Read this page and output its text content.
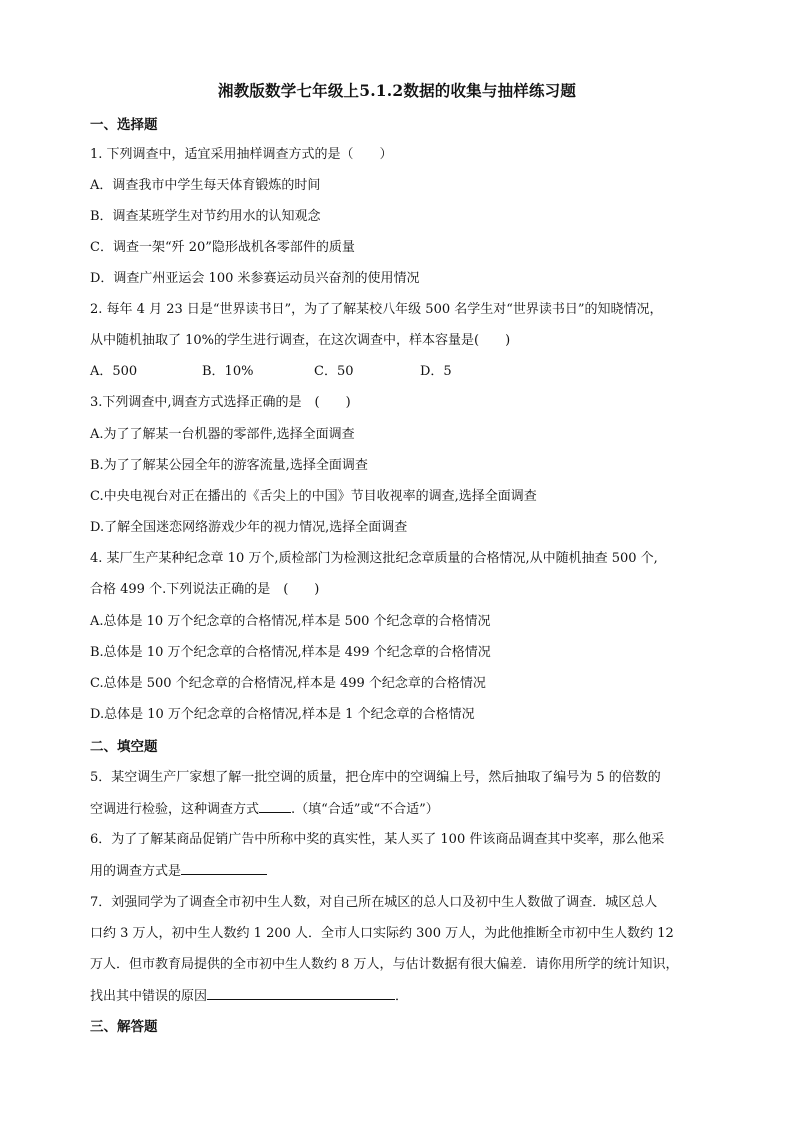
湘教版数学七年级上5.1.2数据的收集与抽样练习题
一、选择题
1. 下列调查中，适宜采用抽样调查方式的是（　　）
A．调查我市中学生每天体育锻炼的时间
B．调查某班学生对节约用水的认知观念
C．调查一架“歼 20”隐形战机各零部件的质量
D．调查广州亚运会 100 米参赛运动员兴奋剂的使用情况
2. 每年 4 月 23 日是“世界读书日”，为了了解某校八年级 500 名学生对“世界读书日”的知晓情况，
从中随机抽取了 10%的学生进行调查，在这次调查中，样本容量是(　　)
A．500	B．10%	C．50	D．5
3.下列调查中,调查方式选择正确的是　(　　)
A.为了了解某一台机器的零部件,选择全面调查
B.为了了解某公园全年的游客流量,选择全面调查
C.中央电视台对正在播出的《舌尖上的中国》节目收视率的调查,选择全面调查
D.了解全国迷恋网络游戏少年的视力情况,选择全面调查
4. 某厂生产某种纪念章 10 万个,质检部门为检测这批纪念章质量的合格情况,从中随机抽查 500 个,
合格 499 个.下列说法正确的是　(　　)
A.总体是 10 万个纪念章的合格情况,样本是 500 个纪念章的合格情况
B.总体是 10 万个纪念章的合格情况,样本是 499 个纪念章的合格情况
C.总体是 500 个纪念章的合格情况,样本是 499 个纪念章的合格情况
D.总体是 10 万个纪念章的合格情况,样本是 1 个纪念章的合格情况
二、填空题
5．某空调生产厂家想了解一批空调的质量，把仓库中的空调编上号，然后抽取了编号为 5 的倍数的
空调进行检验，这种调查方式 .（填“合适”或“不合适”）
6．为了了解某商品促销广告中所称中奖的真实性，某人买了 100 件该商品调查其中奖率，那么他采
用的调查方式是
7．刘强同学为了调查全市初中生人数，对自己所在城区的总人口及初中生人数做了调查．城区总人
口约 3 万人，初中生人数约 1 200 人．全市人口实际约 300 万人，为此他推断全市初中生人数约 12
万人．但市教育局提供的全市初中生人数约 8 万人，与估计数据有很大偏差．请你用所学的统计知识，
找出其中错误的原因	．
三、解答题
